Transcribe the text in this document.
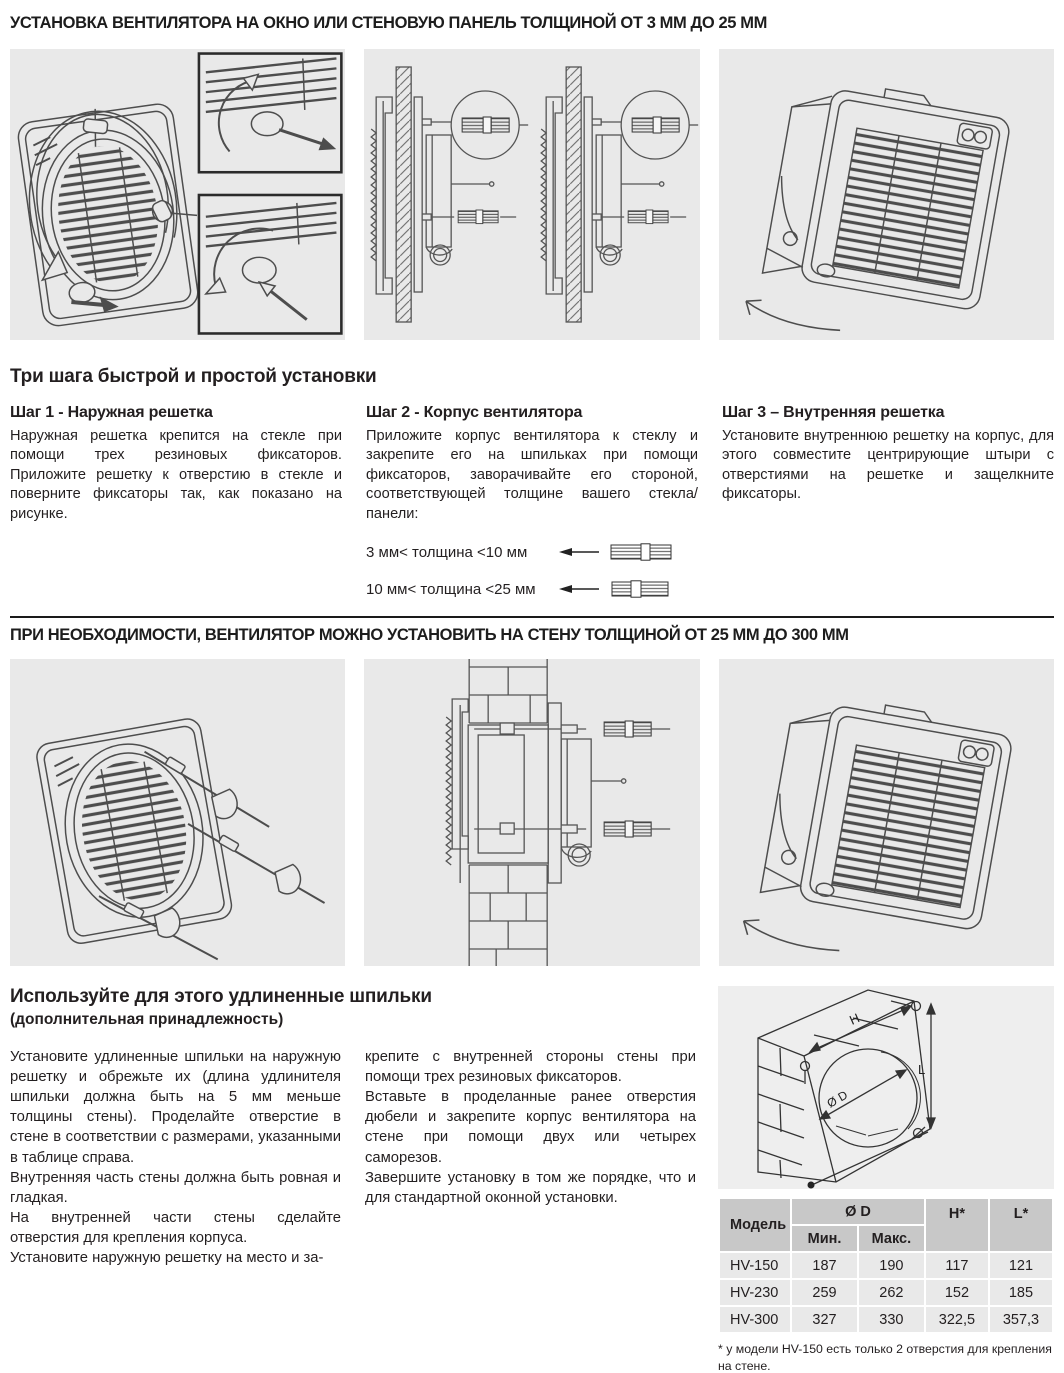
УСТАНОВКА ВЕНТИЛЯТОРА НА ОКНО ИЛИ СТЕНОВУЮ ПАНЕЛЬ ТОЛЩИНОЙ ОТ 3 ММ ДО 25 ММ
Три шага быстрой и простой установки

Шаг 1 - Наружная решетка

Наружная решетка крепится на стекле при помощи трех резиновых фиксаторов. Приложите решетку к отверстию в стекле и поверните фиксаторы так, как показано на рисунке.

Шаг 2 - Корпус вентилятора

Приложите корпус вентилятора к стеклу и закрепите его на шпильках при помощи фиксаторов, заворачивайте его стороной, соответствующей толщине вашего стекла/панели:

3 мм< толщина <10 мм
10 мм< толщина <25 мм

Шаг 3 – Внутренняя решетка

Установите внутреннюю решетку на корпус, для этого совместите центрирующие штыри с отверстиями на решетке и защелкните фиксаторы.

ПРИ НЕОБХОДИМОСТИ, ВЕНТИЛЯТОР МОЖНО УСТАНОВИТЬ НА СТЕНУ ТОЛЩИНОЙ ОТ 25 ММ ДО 300 ММ

Используйте для этого удлиненные шпильки

(дополнительная принадлежность)

Установите удлиненные шпильки на наружную решетку и обрежьте их (длина удлинителя шпильки должна быть на 5 мм меньше толщины стены). Проделайте отверстие в стене в соответствии с размерами, указанными в таблице справа.

Внутренняя часть стены должна быть ровная и гладкая.

На внутренней части стены сделайте отверстия для крепления корпуса.

Установите наружную решетку на место и за-

крепите с внутренней стороны стены при помощи трех резиновых фиксаторов.

Вставьте в проделанные ранее отверстия дюбели и закрепите корпус вентилятора на стене при помощи двух или четырех саморезов.

Завершите установку в том же порядке, что и для стандартной оконной установки.

H
L
Ø D
Модель	Ø D		H*	L*
	Мин.	Макс.		
HV-150	187	190	117	121
HV-230	259	262	152	185
HV-300	327	330	322,5	357,3

* у модели HV-150 есть только 2 отверстия для крепления на стене.
